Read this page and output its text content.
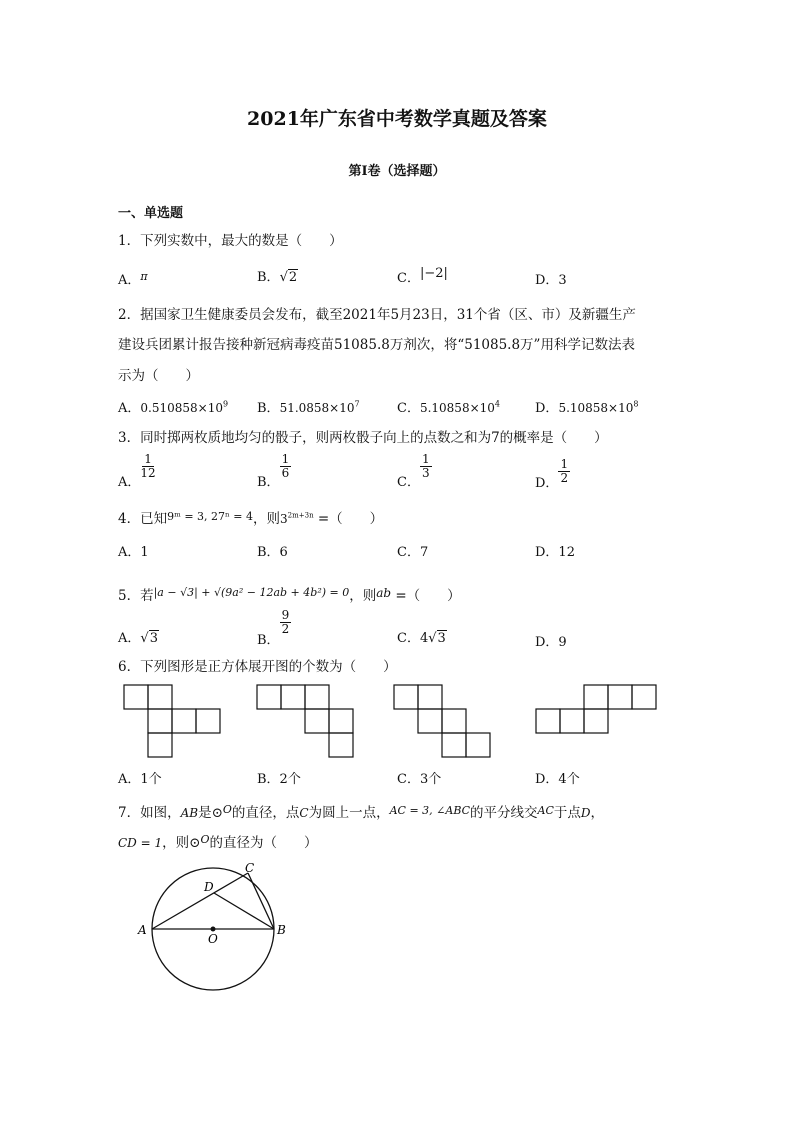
2021年广东省中考数学真题及答案
第I卷（选择题）
一、单选题
1．下列实数中，最大的数是（　　）
A．$^\pi$	B．√2	C．|−2|	D．3
2．据国家卫生健康委员会发布，截至2021年5月23日，31个省（区、市）及新疆生产
建设兵团累计报告接种新冠病毒疫苗51085.8万剂次，将“51085.8万”用科学记数法表
示为（　　）
A．$0.510858\times 10^9$ B．$51.0858\times 10^7$	C．$5.10858\times 10^4$	D．$5.10858\times 10^8$
3．同时掷两枚质地均匀的骰子，则两枚骰子向上的点数之和为7的概率是（　　）
A．
$\frac{1}{12}$
B．
$\frac{1}{6}$
C．
$\frac{1}{3}$
D． $\frac{1}{2}$
4．已知$^{9ᵐ = 3, 27^n = 4}$，则$3^{2m+3n}$ =（　　）
A．1	B．6	C．7	D．12
5．若$^{|a - √3| + √(9a^2 - 12ab + 4b^2) = 0}$，则ab =（　　）
A．√3	B．
$\frac{9}{2}$
C．4√3	D．9
6．下列图形是正方体展开图的个数为（　　）
A	B
C
D
O
A．1个	B．2个	C．3个	D．4个
7．如图，AB是⊙$^O$的直径，点C为圆上一点，$^{AC = 3, \angle ABC}$的平分线交$^{AC}$于点D，
CD = 1，则⊙$^O$的直径为（　　）
